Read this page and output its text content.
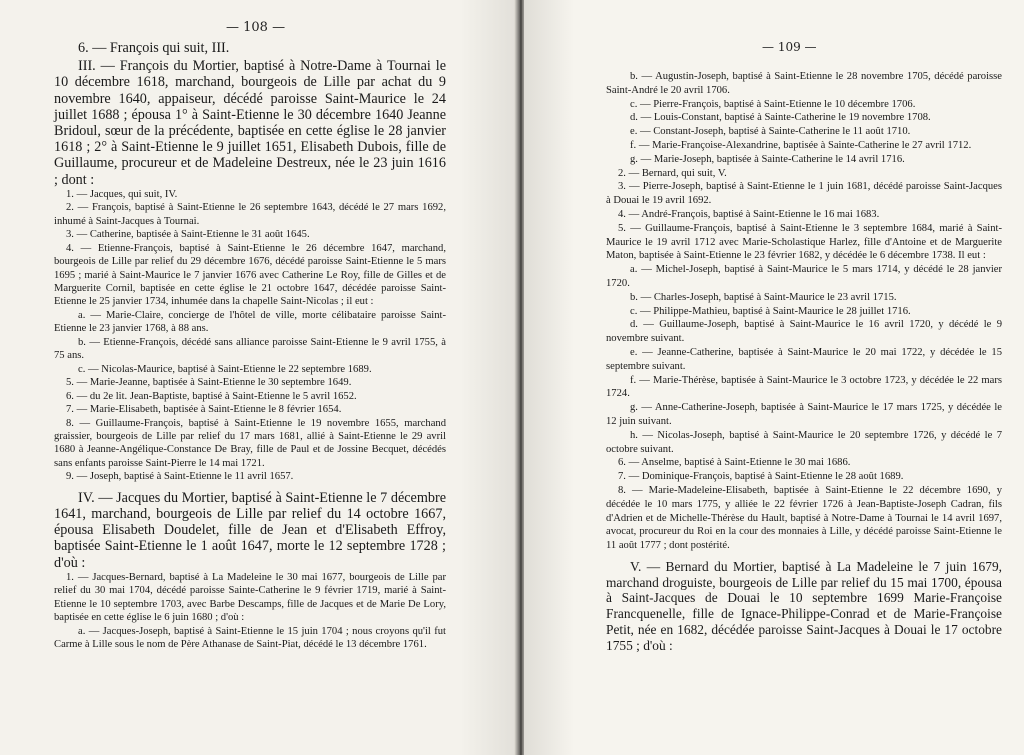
— 108 —

6. — François qui suit, III.

III. — François du Mortier, baptisé à Notre-Dame à Tournai le 10 décembre 1618, marchand, bourgeois de Lille par achat du 9 novembre 1640, appaiseur, décédé paroisse Saint-Maurice le 24 juillet 1688 ; épousa 1° à Saint-Etienne le 30 décembre 1640 Jeanne Bridoul, sœur de la précédente, baptisée en cette église le 28 janvier 1618 ; 2° à Saint-Etienne le 9 juillet 1651, Elisabeth Dubois, fille de Guillaume, procureur et de Madeleine Destreux, née le 23 juin 1616 ; dont :

1. — Jacques, qui suit, IV.

2. — François, baptisé à Saint-Etienne le 26 septembre 1643, décédé le 27 mars 1692, inhumé à Saint-Jacques à Tournai.

3. — Catherine, baptisée à Saint-Etienne le 31 août 1645.

4. — Etienne-François, baptisé à Saint-Etienne le 26 décembre 1647, marchand, bourgeois de Lille par relief du 29 décembre 1676, décédé paroisse Saint-Etienne le 5 mars 1695 ; marié à Saint-Maurice le 7 janvier 1676 avec Catherine Le Roy, fille de Gilles et de Marguerite Cornil, baptisée en cette église le 21 octobre 1647, décédée paroisse Saint-Etienne le 25 janvier 1734, inhumée dans la chapelle Saint-Nicolas ; il eut :

a. — Marie-Claire, concierge de l'hôtel de ville, morte célibataire paroisse Saint-Etienne le 23 janvier 1768, à 88 ans.

b. — Etienne-François, décédé sans alliance paroisse Saint-Etienne le 9 avril 1755, à 75 ans.

c. — Nicolas-Maurice, baptisé à Saint-Etienne le 22 septembre 1689.

5. — Marie-Jeanne, baptisée à Saint-Etienne le 30 septembre 1649.

6. — du 2e lit. Jean-Baptiste, baptisé à Saint-Etienne le 5 avril 1652.

7. — Marie-Elisabeth, baptisée à Saint-Etienne le 8 février 1654.

8. — Guillaume-François, baptisé à Saint-Etienne le 19 novembre 1655, marchand graissier, bourgeois de Lille par relief du 17 mars 1681, allié à Saint-Etienne le 29 avril 1680 à Jeanne-Angélique-Constance De Bray, fille de Paul et de Jossine Becquet, décédés sans enfants paroisse Saint-Pierre le 14 mai 1721.

9. — Joseph, baptisé à Saint-Etienne le 11 avril 1657.

IV. — Jacques du Mortier, baptisé à Saint-Etienne le 7 décembre 1641, marchand, bourgeois de Lille par relief du 14 octobre 1667, épousa Elisabeth Doudelet, fille de Jean et d'Elisabeth Effroy, baptisée Saint-Etienne le 1 août 1647, morte le 12 septembre 1728 ; d'où :

1. — Jacques-Bernard, baptisé à La Madeleine le 30 mai 1677, bourgeois de Lille par relief du 30 mai 1704, décédé paroisse Sainte-Catherine le 9 février 1719, marié à Saint-Etienne le 10 septembre 1703, avec Barbe Descamps, fille de Jacques et de Marie De Lory, baptisée en cette église le 6 juin 1680 ; d'où :

a. — Jacques-Joseph, baptisé à Saint-Etienne le 15 juin 1704 ; nous croyons qu'il fut Carme à Lille sous le nom de Père Athanase de Saint-Piat, décédé le 13 décembre 1761.

— 109 —

b. — Augustin-Joseph, baptisé à Saint-Etienne le 28 novembre 1705, décédé paroisse Saint-André le 20 avril 1706.

c. — Pierre-François, baptisé à Saint-Etienne le 10 décembre 1706.

d. — Louis-Constant, baptisé à Sainte-Catherine le 19 novembre 1708.

e. — Constant-Joseph, baptisé à Sainte-Catherine le 11 août 1710.

f. — Marie-Françoise-Alexandrine, baptisée à Sainte-Catherine le 27 avril 1712.

g. — Marie-Joseph, baptisée à Sainte-Catherine le 14 avril 1716.

2. — Bernard, qui suit, V.

3. — Pierre-Joseph, baptisé à Saint-Etienne le 1 juin 1681, décédé paroisse Saint-Jacques à Douai le 19 avril 1692.

4. — André-François, baptisé à Saint-Etienne le 16 mai 1683.

5. — Guillaume-François, baptisé à Saint-Etienne le 3 septembre 1684, marié à Saint-Maurice le 19 avril 1712 avec Marie-Scholastique Harlez, fille d'Antoine et de Marguerite Maton, baptisée à Saint-Etienne le 23 février 1682, y décédée le 6 décembre 1738. Il eut :

a. — Michel-Joseph, baptisé à Saint-Maurice le 5 mars 1714, y décédé le 28 janvier 1720.

b. — Charles-Joseph, baptisé à Saint-Maurice le 23 avril 1715.

c. — Philippe-Mathieu, baptisé à Saint-Maurice le 28 juillet 1716.

d. — Guillaume-Joseph, baptisé à Saint-Maurice le 16 avril 1720, y décédé le 9 novembre suivant.

e. — Jeanne-Catherine, baptisée à Saint-Maurice le 20 mai 1722, y décédée le 15 septembre suivant.

f. — Marie-Thérèse, baptisée à Saint-Maurice le 3 octobre 1723, y décédée le 22 mars 1724.

g. — Anne-Catherine-Joseph, baptisée à Saint-Maurice le 17 mars 1725, y décédée le 12 juin suivant.

h. — Nicolas-Joseph, baptisé à Saint-Maurice le 20 septembre 1726, y décédé le 7 octobre suivant.

6. — Anselme, baptisé à Saint-Etienne le 30 mai 1686.

7. — Dominique-François, baptisé à Saint-Etienne le 28 août 1689.

8. — Marie-Madeleine-Elisabeth, baptisée à Saint-Etienne le 22 décembre 1690, y décédée le 10 mars 1775, y alliée le 22 février 1726 à Jean-Baptiste-Joseph Cadran, fils d'Adrien et de Michelle-Thérèse du Hault, baptisé à Notre-Dame à Tournai le 14 avril 1697, avocat, procureur du Roi en la cour des monnaies à Lille, y décédé paroisse Saint-Etienne le 11 août 1777 ; dont postérité.

V. — Bernard du Mortier, baptisé à La Madeleine le 7 juin 1679, marchand droguiste, bourgeois de Lille par relief du 15 mai 1700, épousa à Saint-Jacques de Douai le 10 septembre 1699 Marie-Françoise Francquenelle, fille de Ignace-Philippe-Conrad et de Marie-Françoise Petit, née en 1682, décédée paroisse Saint-Jacques à Douai le 17 octobre 1755 ; d'où :
